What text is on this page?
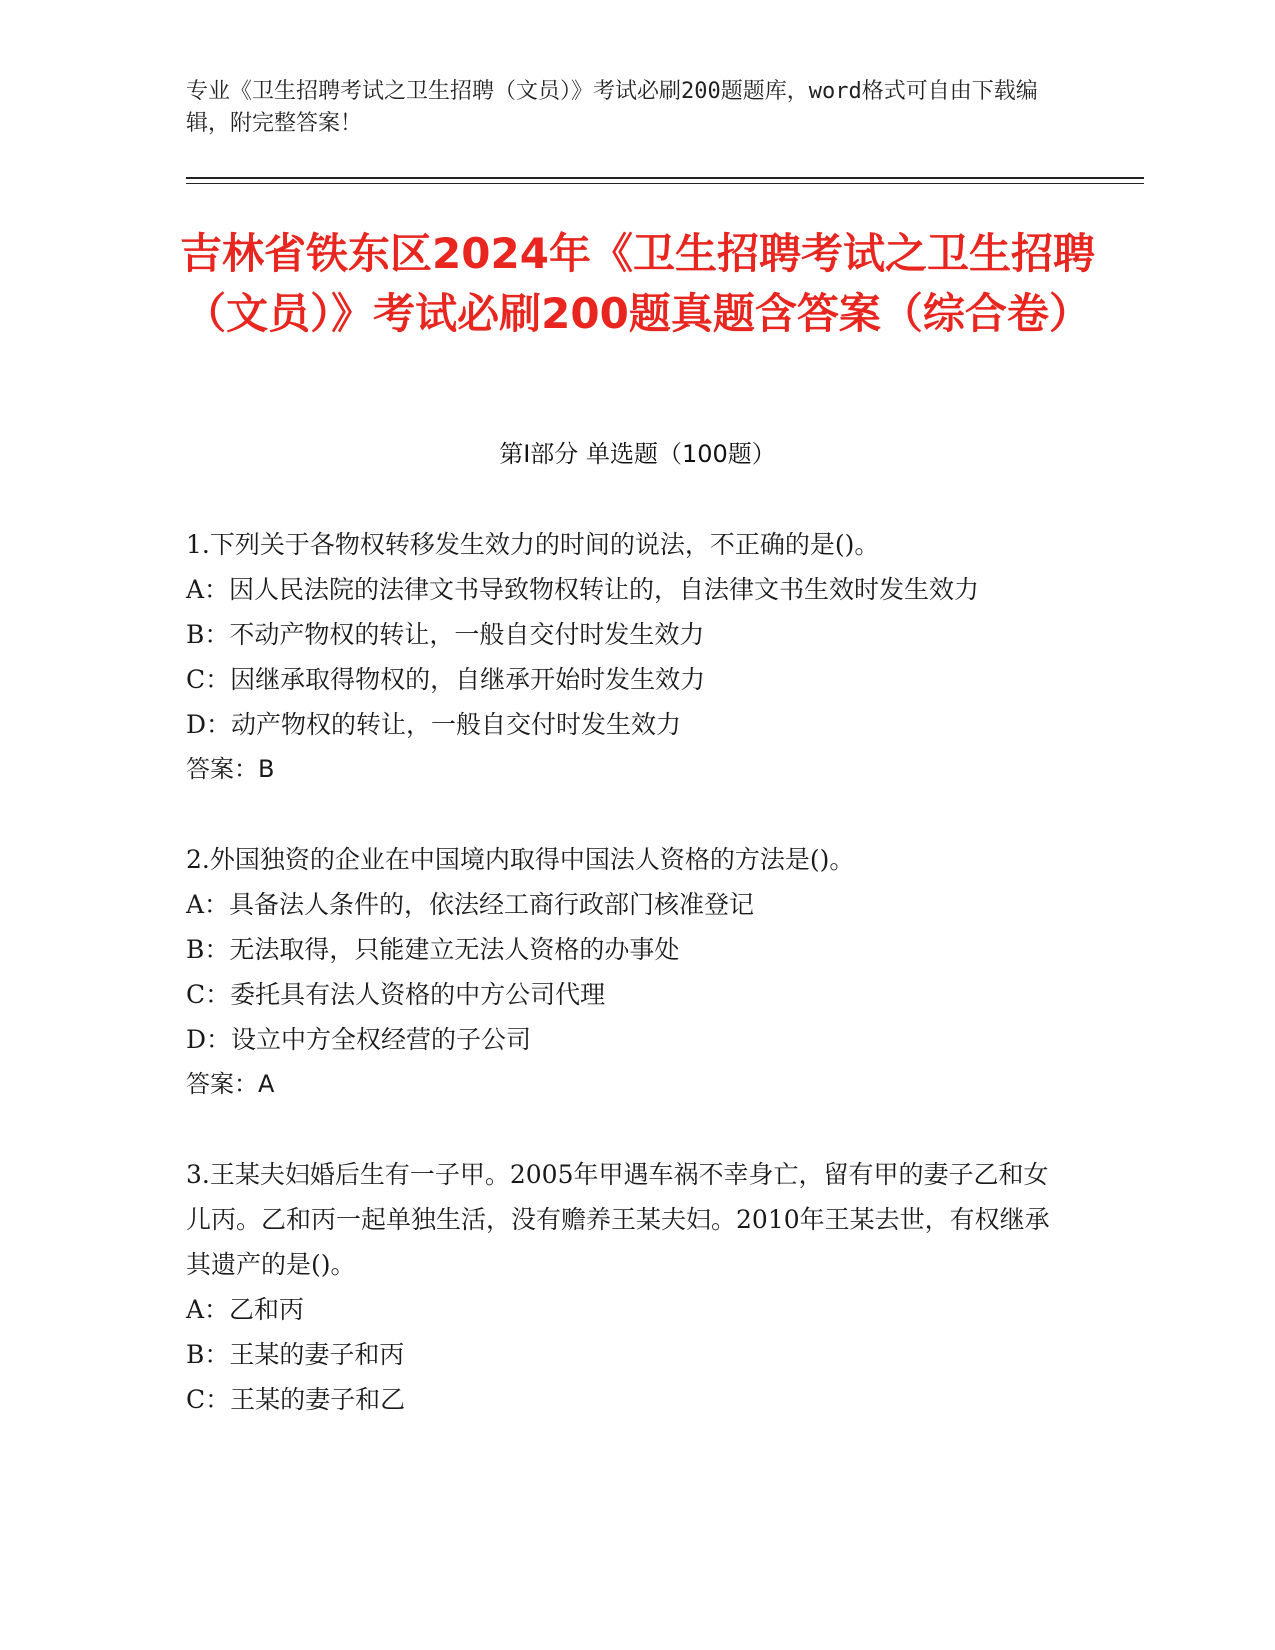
专业《卫生招聘考试之卫生招聘（文员）》考试必刷200题题库，word格式可自由下载编辑，附完整答案！
吉林省铁东区2024年《卫生招聘考试之卫生招聘（文员）》考试必刷200题真题含答案（综合卷）
第I部分 单选题（100题）
1.下列关于各物权转移发生效力的时间的说法，不正确的是()。
A：因人民法院的法律文书导致物权转让的，自法律文书生效时发生效力
B：不动产物权的转让，一般自交付时发生效力
C：因继承取得物权的，自继承开始时发生效力
D：动产物权的转让，一般自交付时发生效力
答案：B
2.外国独资的企业在中国境内取得中国法人资格的方法是()。
A：具备法人条件的，依法经工商行政部门核准登记
B：无法取得，只能建立无法人资格的办事处
C：委托具有法人资格的中方公司代理
D：设立中方全权经营的子公司
答案：A
3.王某夫妇婚后生有一子甲。2005年甲遇车祸不幸身亡，留有甲的妻子乙和女儿丙。乙和丙一起单独生活，没有赡养王某夫妇。2010年王某去世，有权继承其遗产的是()。
A：乙和丙
B：王某的妻子和丙
C：王某的妻子和乙
